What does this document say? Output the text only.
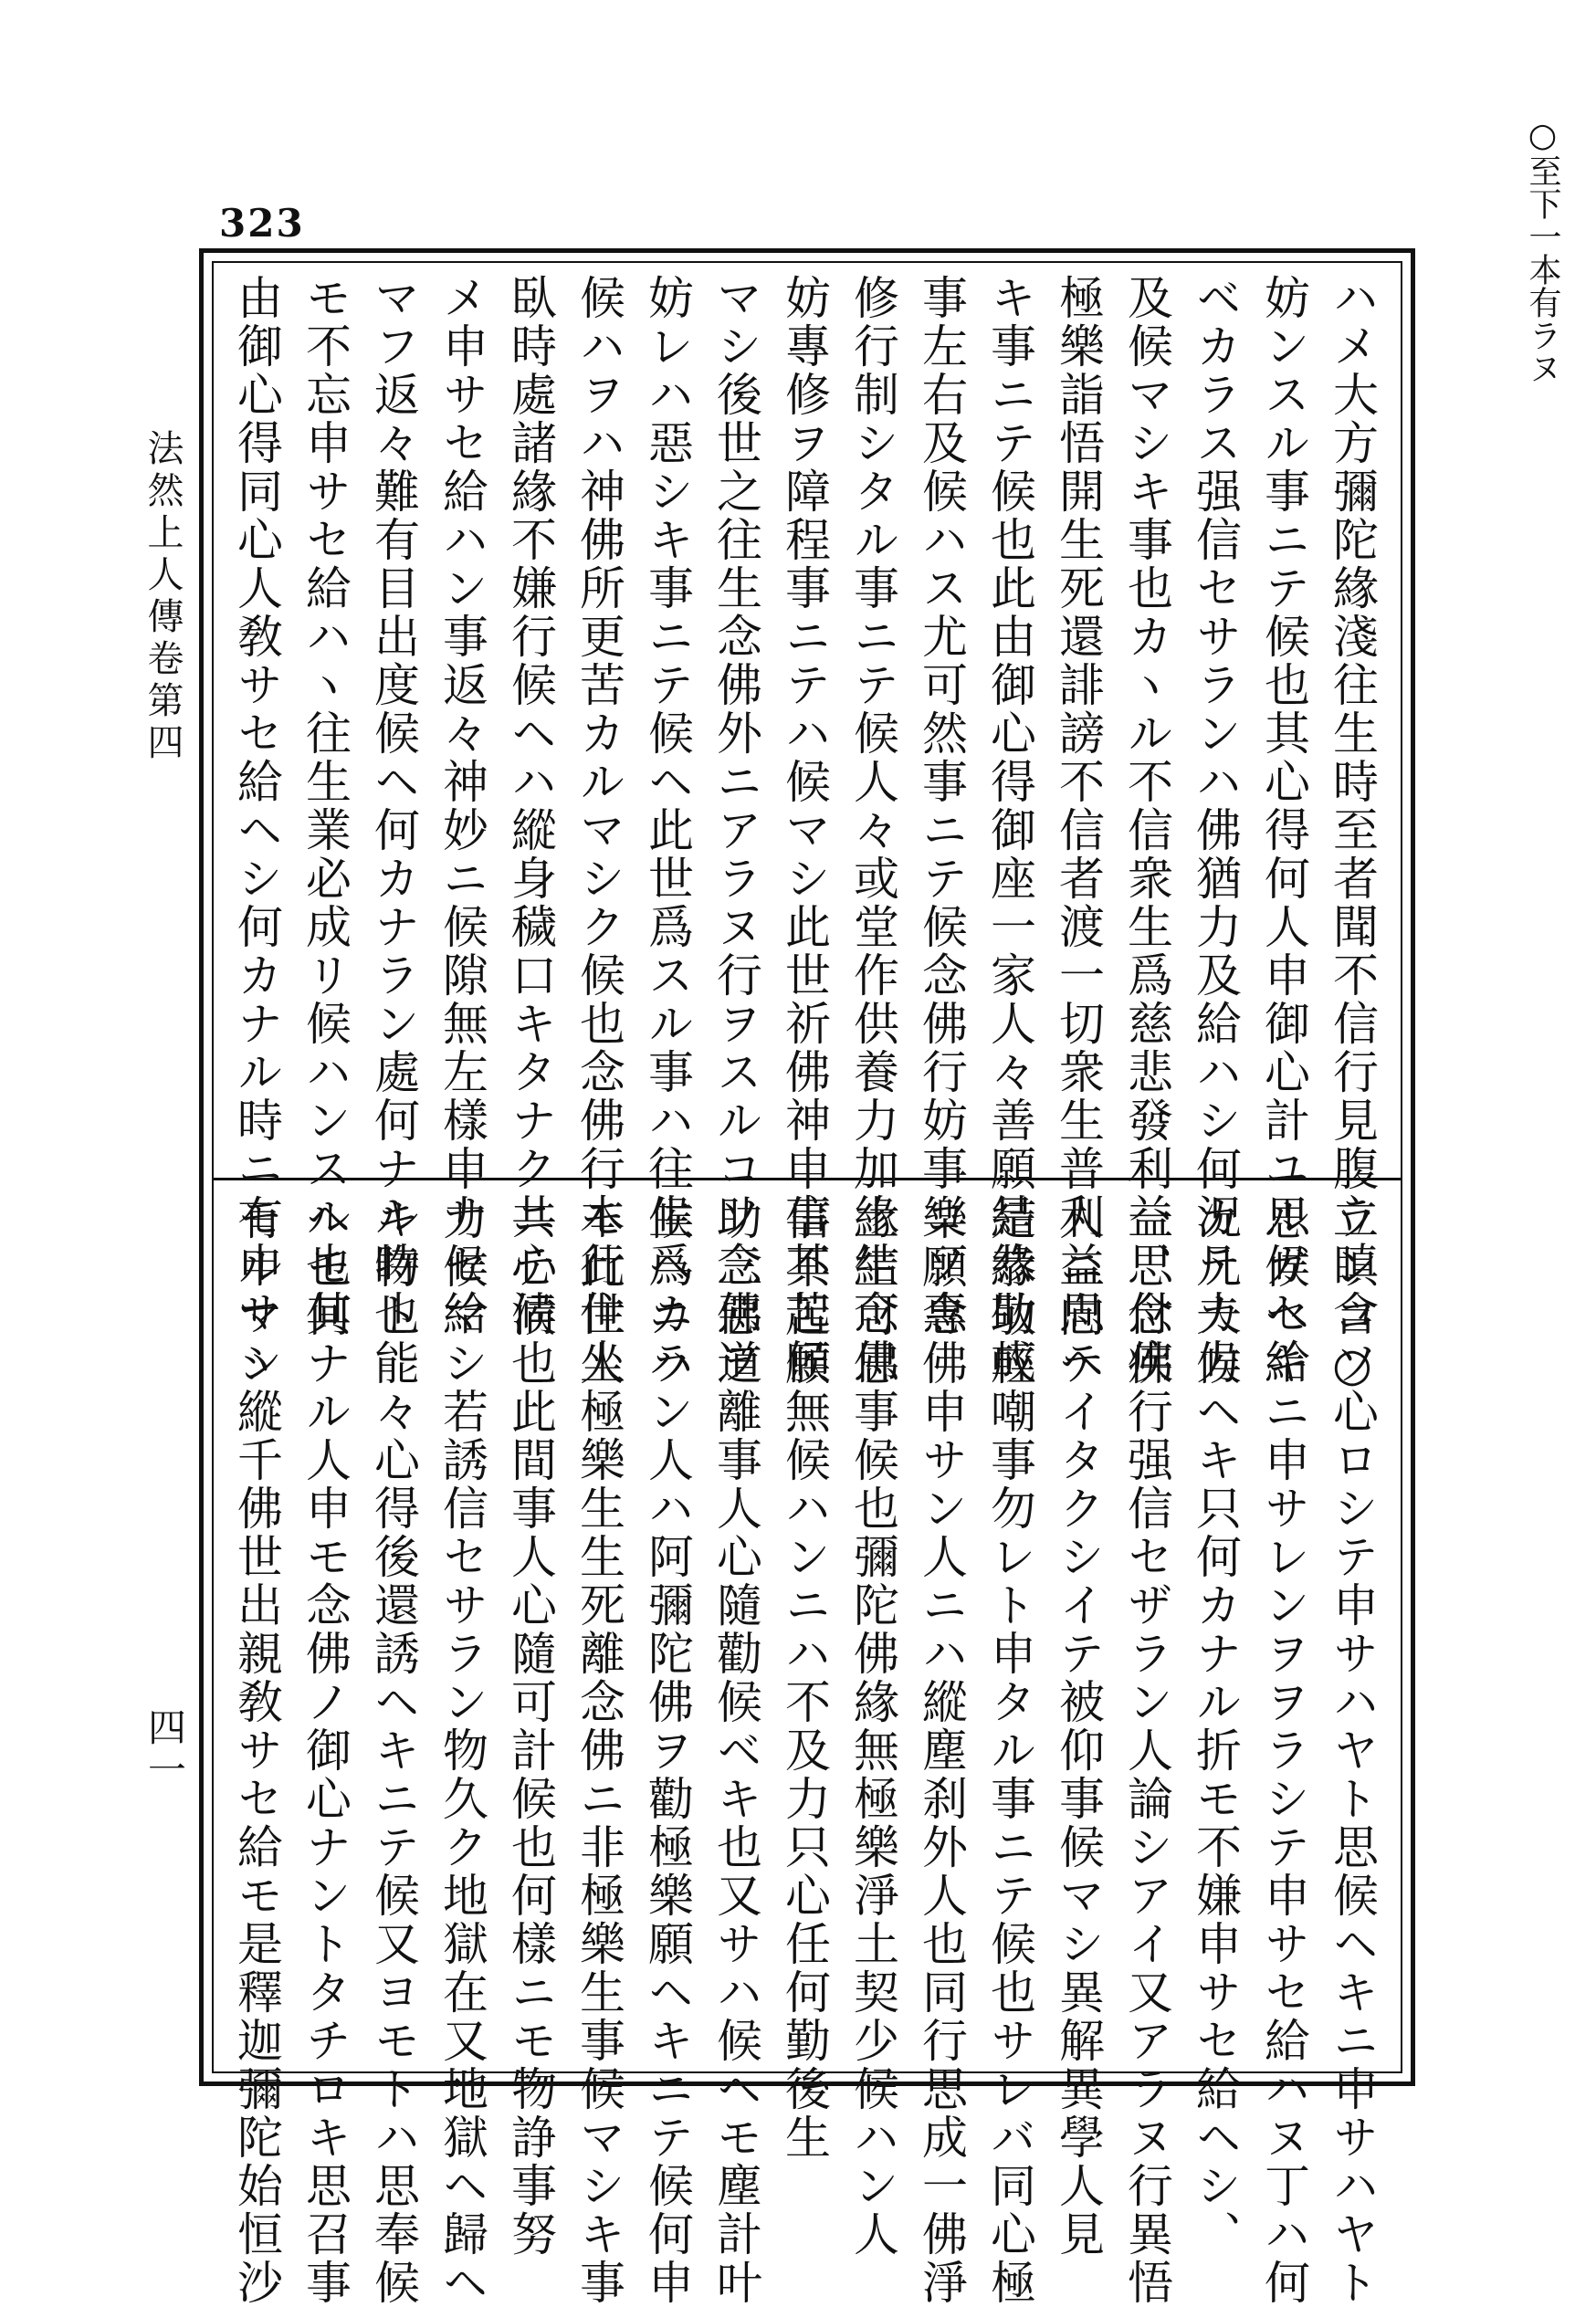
○至下一本有ラヌ
323
法然上人傳卷第四
四一
ハメ大方彌陀緣淺往生時至者聞不信行見腹立瞋含○
妨ンスル事ニテ候也其心得何人申御心計ユルガセ給
ベカラス强信セサランハ佛猶力及給ハシ何況凡夫力
及候マシキ事也カヽル不信衆生爲慈悲發利益思付疾
極樂詣悟開生死還誹謗不信者渡一切衆生普利益思ヘ
キ事ニテ候也此由御心得御座一家人々善願結緣助成
事左右及候ハス尤可然事ニテ候念佛行妨事コソ專
修行制シタル事ニテ候人々或堂作供養力加緣結念佛
妨專修ヲ障程事ニテハ候マシ此世祈佛神申事其苦候
マシ後世之往生念佛外ニアラヌ行ヲスルコソ念佛ヲ
妨レハ惡シキ事ニテ候ヘ此世爲スル事ハ往生爲ニハ
候ハヲハ神佛所更苦カルマシク候也念佛行本行住坐
臥時處諸緣不嫌行候ヘハ縱身穢口キタナク共心淸
メ申サセ給ハン事返々神妙ニ候隙無左樣申サセ給
マフ返々難有目出度候ヘ何カナラン處何ナル時也
モ不忘申サセ給ハヽ往生業必成リ候ハンスル也其
由御心得同心人敎サセ給ヘシ何カナル時ニモ申サヽ
ランコソ心ロシテ申サハヤト思候ヘキニ申サハヤト
思候ヘキニ申サレンヲヲラシテ申サセ給ハヌ丁ハ何
カテカ候ヘキ只何カナル折モ不嫌申サセ給ヘシ、
一、念佛行强信セザラン人論シアイ又アラヌ行異悟
人ニ向テイタクシイテ被仰事候マシ異解異學人見
是恭敬輕嘲事勿レト申タル事ニテ候也サレバ同心極
樂願念佛申サン人ニハ縱塵刹外人也同行思成一佛淨
土生可思事候也彌陀佛緣無極樂淨土契少候ハン人
信不起願無候ハンニハ不及力只心任何勤後生
助三惡道離事人心隨勸候ベキ也又サハ候ヘモ塵計叶
候ヘカラン人ハ阿彌陀佛ヲ勸極樂願ヘキニテ候何申
モ此世人極樂生生死離念佛ニ非極樂生事候マシキ事
ニテ候也此間事人心隨可計候也何樣ニモ物諍事努
力候マシ若誘信セサラン物久ク地獄在又地獄ヘ歸ヘ
キ物ト能々心得後還誘ヘキニテ候又ヨモトハ思奉候
ヘモ何ナル人申モ念佛ノ御心ナントタチロキ思召事
有ルマシ縱千佛世出親敎サセ給モ是釋迦彌陀始恒沙
